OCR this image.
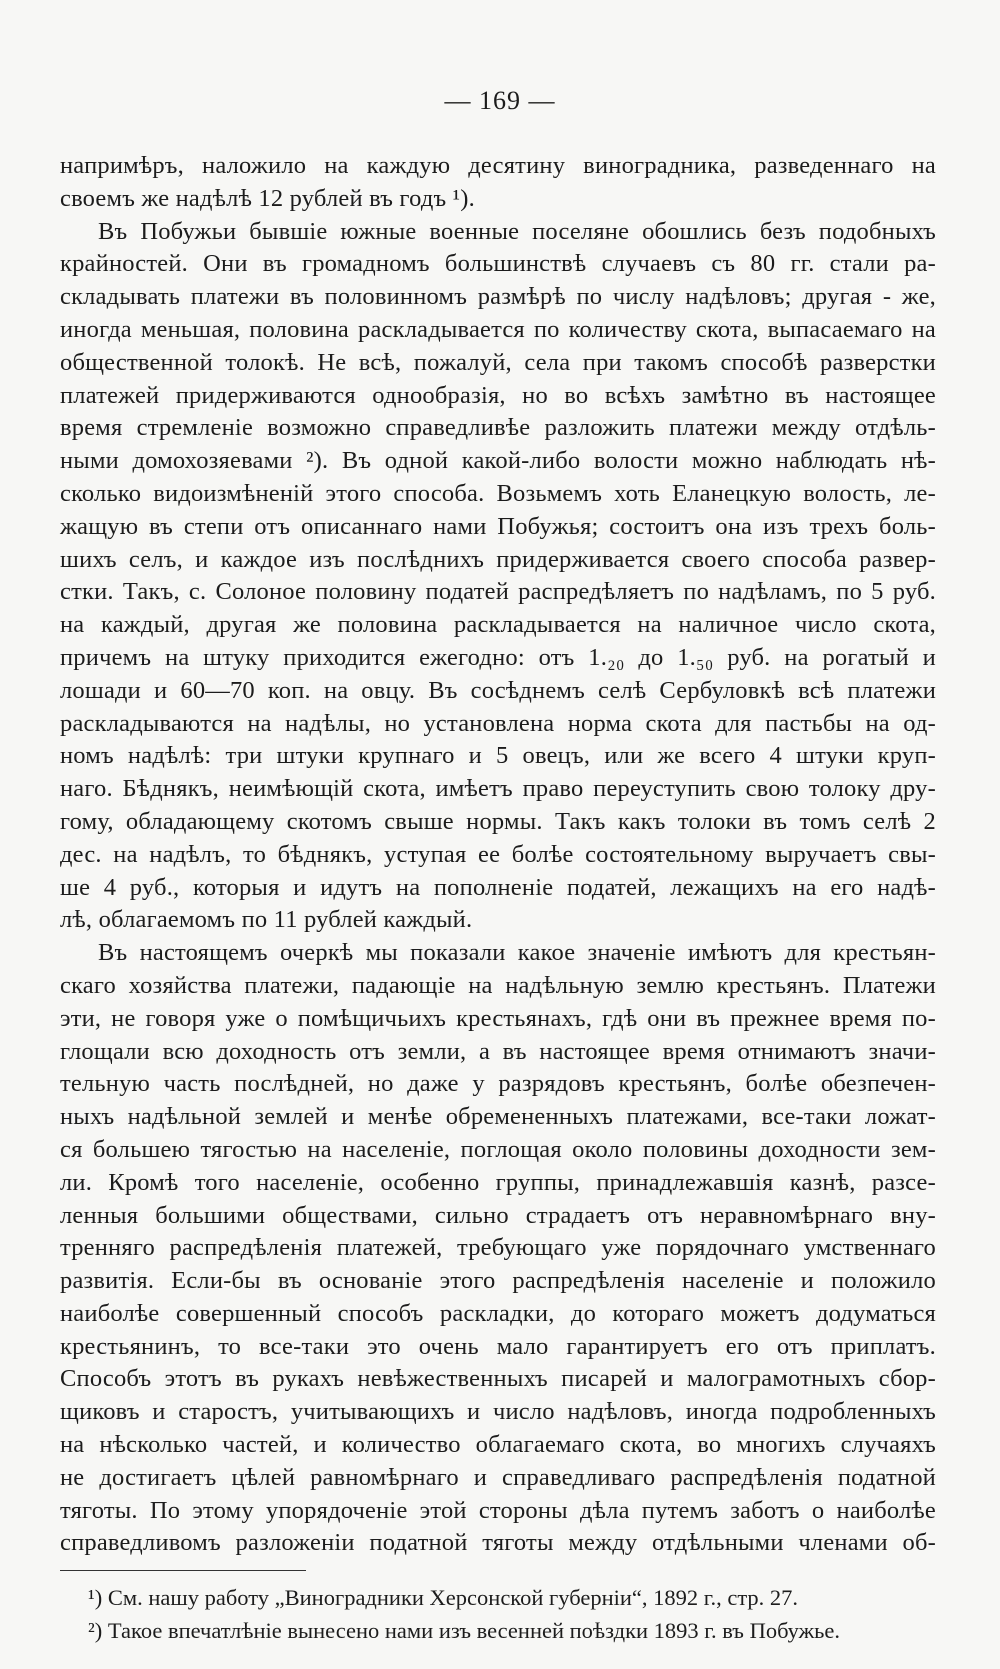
— 169 —
напримѣръ, наложило на каждую десятину виноградника, разведеннаго на
своемъ же надѣлѣ 12 рублей въ годъ ¹).
Въ Побужьи бывшіе южные военные поселяне обошлись безъ подобныхъ
крайностей. Они въ громадномъ большинствѣ случаевъ съ 80 гг. стали ра-
складывать платежи въ половинномъ размѣрѣ по числу надѣловъ; другая - же,
иногда меньшая, половина раскладывается по количеству скота, выпасаемаго на
общественной толокѣ. Не всѣ, пожалуй, села при такомъ способѣ разверстки
платежей придерживаются однообразія, но во всѣхъ замѣтно въ настоящее
время стремленіе возможно справедливѣе разложить платежи между отдѣль-
ными домохозяевами ²). Въ одной какой-либо волости можно наблюдать нѣ-
сколько видоизмѣненій этого способа. Возьмемъ хоть Еланецкую волость, ле-
жащую въ степи отъ описаннаго нами Побужья; состоитъ она изъ трехъ боль-
шихъ селъ, и каждое изъ послѣднихъ придерживается своего способа развер-
стки. Такъ, с. Солоное половину податей распредѣляетъ по надѣламъ, по 5 руб.
на каждый, другая же половина раскладывается на наличное число скота,
причемъ на штуку приходится ежегодно: отъ 1.₂₀ до 1.₅₀ руб. на рогатый и
лошади и 60—70 коп. на овцу. Въ сосѣднемъ селѣ Сербуловкѣ всѣ платежи
раскладываются на надѣлы, но установлена норма скота для пастьбы на од-
номъ надѣлѣ: три штуки крупнаго и 5 овецъ, или же всего 4 штуки круп-
наго. Бѣднякъ, неимѣющій скота, имѣетъ право переуступить свою толоку дру-
гому, обладающему скотомъ свыше нормы. Такъ какъ толоки въ томъ селѣ 2
дес. на надѣлъ, то бѣднякъ, уступая ее болѣе состоятельному выручаетъ свы-
ше 4 руб., которыя и идутъ на пополненіе податей, лежащихъ на его надѣ-
лѣ, облагаемомъ по 11 рублей каждый.
Въ настоящемъ очеркѣ мы показали какое значеніе имѣютъ для крестьян-
скаго хозяйства платежи, падающіе на надѣльную землю крестьянъ. Платежи
эти, не говоря уже о помѣщичьихъ крестьянахъ, гдѣ они въ прежнее время по-
глощали всю доходность отъ земли, а въ настоящее время отнимаютъ значи-
тельную часть послѣдней, но даже у разрядовъ крестьянъ, болѣе обезпечен-
ныхъ надѣльной землей и менѣе обремененныхъ платежами, все-таки ложат-
ся большею тягостью на населеніе, поглощая около половины доходности зем-
ли. Кромѣ того населеніе, особенно группы, принадлежавшія казнѣ, разсе-
ленныя большими обществами, сильно страдаетъ отъ неравномѣрнаго вну-
тренняго распредѣленія платежей, требующаго уже порядочнаго умственнаго
развитія. Если-бы въ основаніе этого распредѣленія населеніе и положило
наиболѣе совершенный способъ раскладки, до котораго можетъ додуматься
крестьянинъ, то все-таки это очень мало гарантируетъ его отъ приплатъ.
Способъ этотъ въ рукахъ невѣжественныхъ писарей и малограмотныхъ сбор-
щиковъ и старостъ, учитывающихъ и число надѣловъ, иногда подробленныхъ
на нѣсколько частей, и количество облагаемаго скота, во многихъ случаяхъ
не достигаетъ цѣлей равномѣрнаго и справедливаго распредѣленія податной
тяготы. По этому упорядоченіе этой стороны дѣла путемъ заботъ о наиболѣе
справедливомъ разложеніи податной тяготы между отдѣльными членами об-
¹) См. нашу работу „Виноградники Херсонской губерніи“, 1892 г., стр. 27.
²) Такое впечатлѣніе вынесено нами изъ весенней поѣздки 1893 г. въ Побужье.
